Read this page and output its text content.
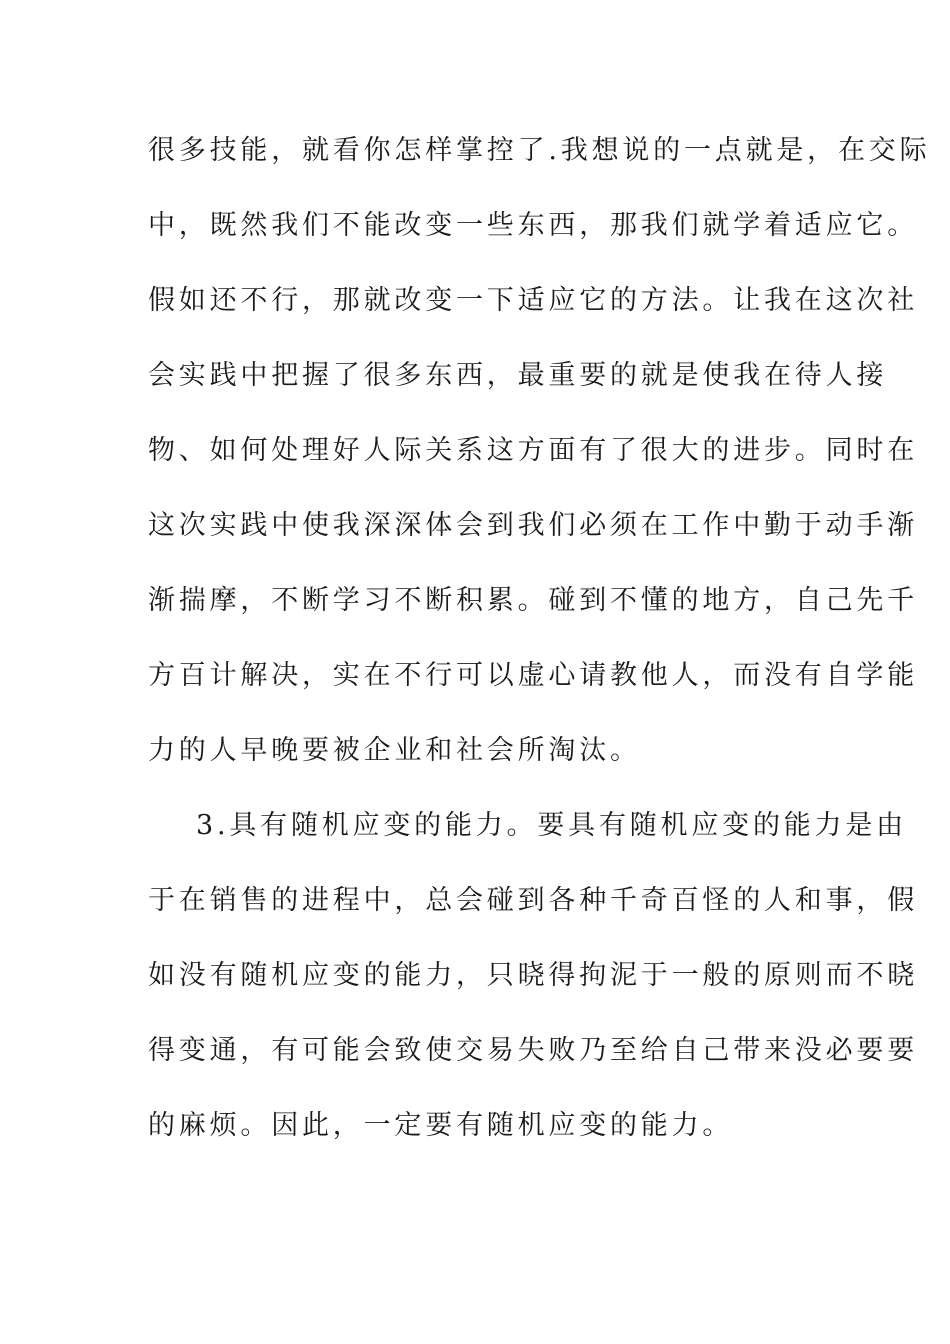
很多技能，就看你怎样掌控了.我想说的一点就是，在交际

中，既然我们不能改变一些东西，那我们就学着适应它。

假如还不行，那就改变一下适应它的方法。让我在这次社

会实践中把握了很多东西，最重要的就是使我在待人接

物、如何处理好人际关系这方面有了很大的进步。同时在

这次实践中使我深深体会到我们必须在工作中勤于动手渐

渐揣摩，不断学习不断积累。碰到不懂的地方，自己先千

方百计解决，实在不行可以虚心请教他人，而没有自学能

力的人早晚要被企业和社会所淘汰。

3.具有随机应变的能力。要具有随机应变的能力是由

于在销售的进程中，总会碰到各种千奇百怪的人和事，假

如没有随机应变的能力，只晓得拘泥于一般的原则而不晓

得变通，有可能会致使交易失败乃至给自己带来没必要要

的麻烦。因此，一定要有随机应变的能力。
